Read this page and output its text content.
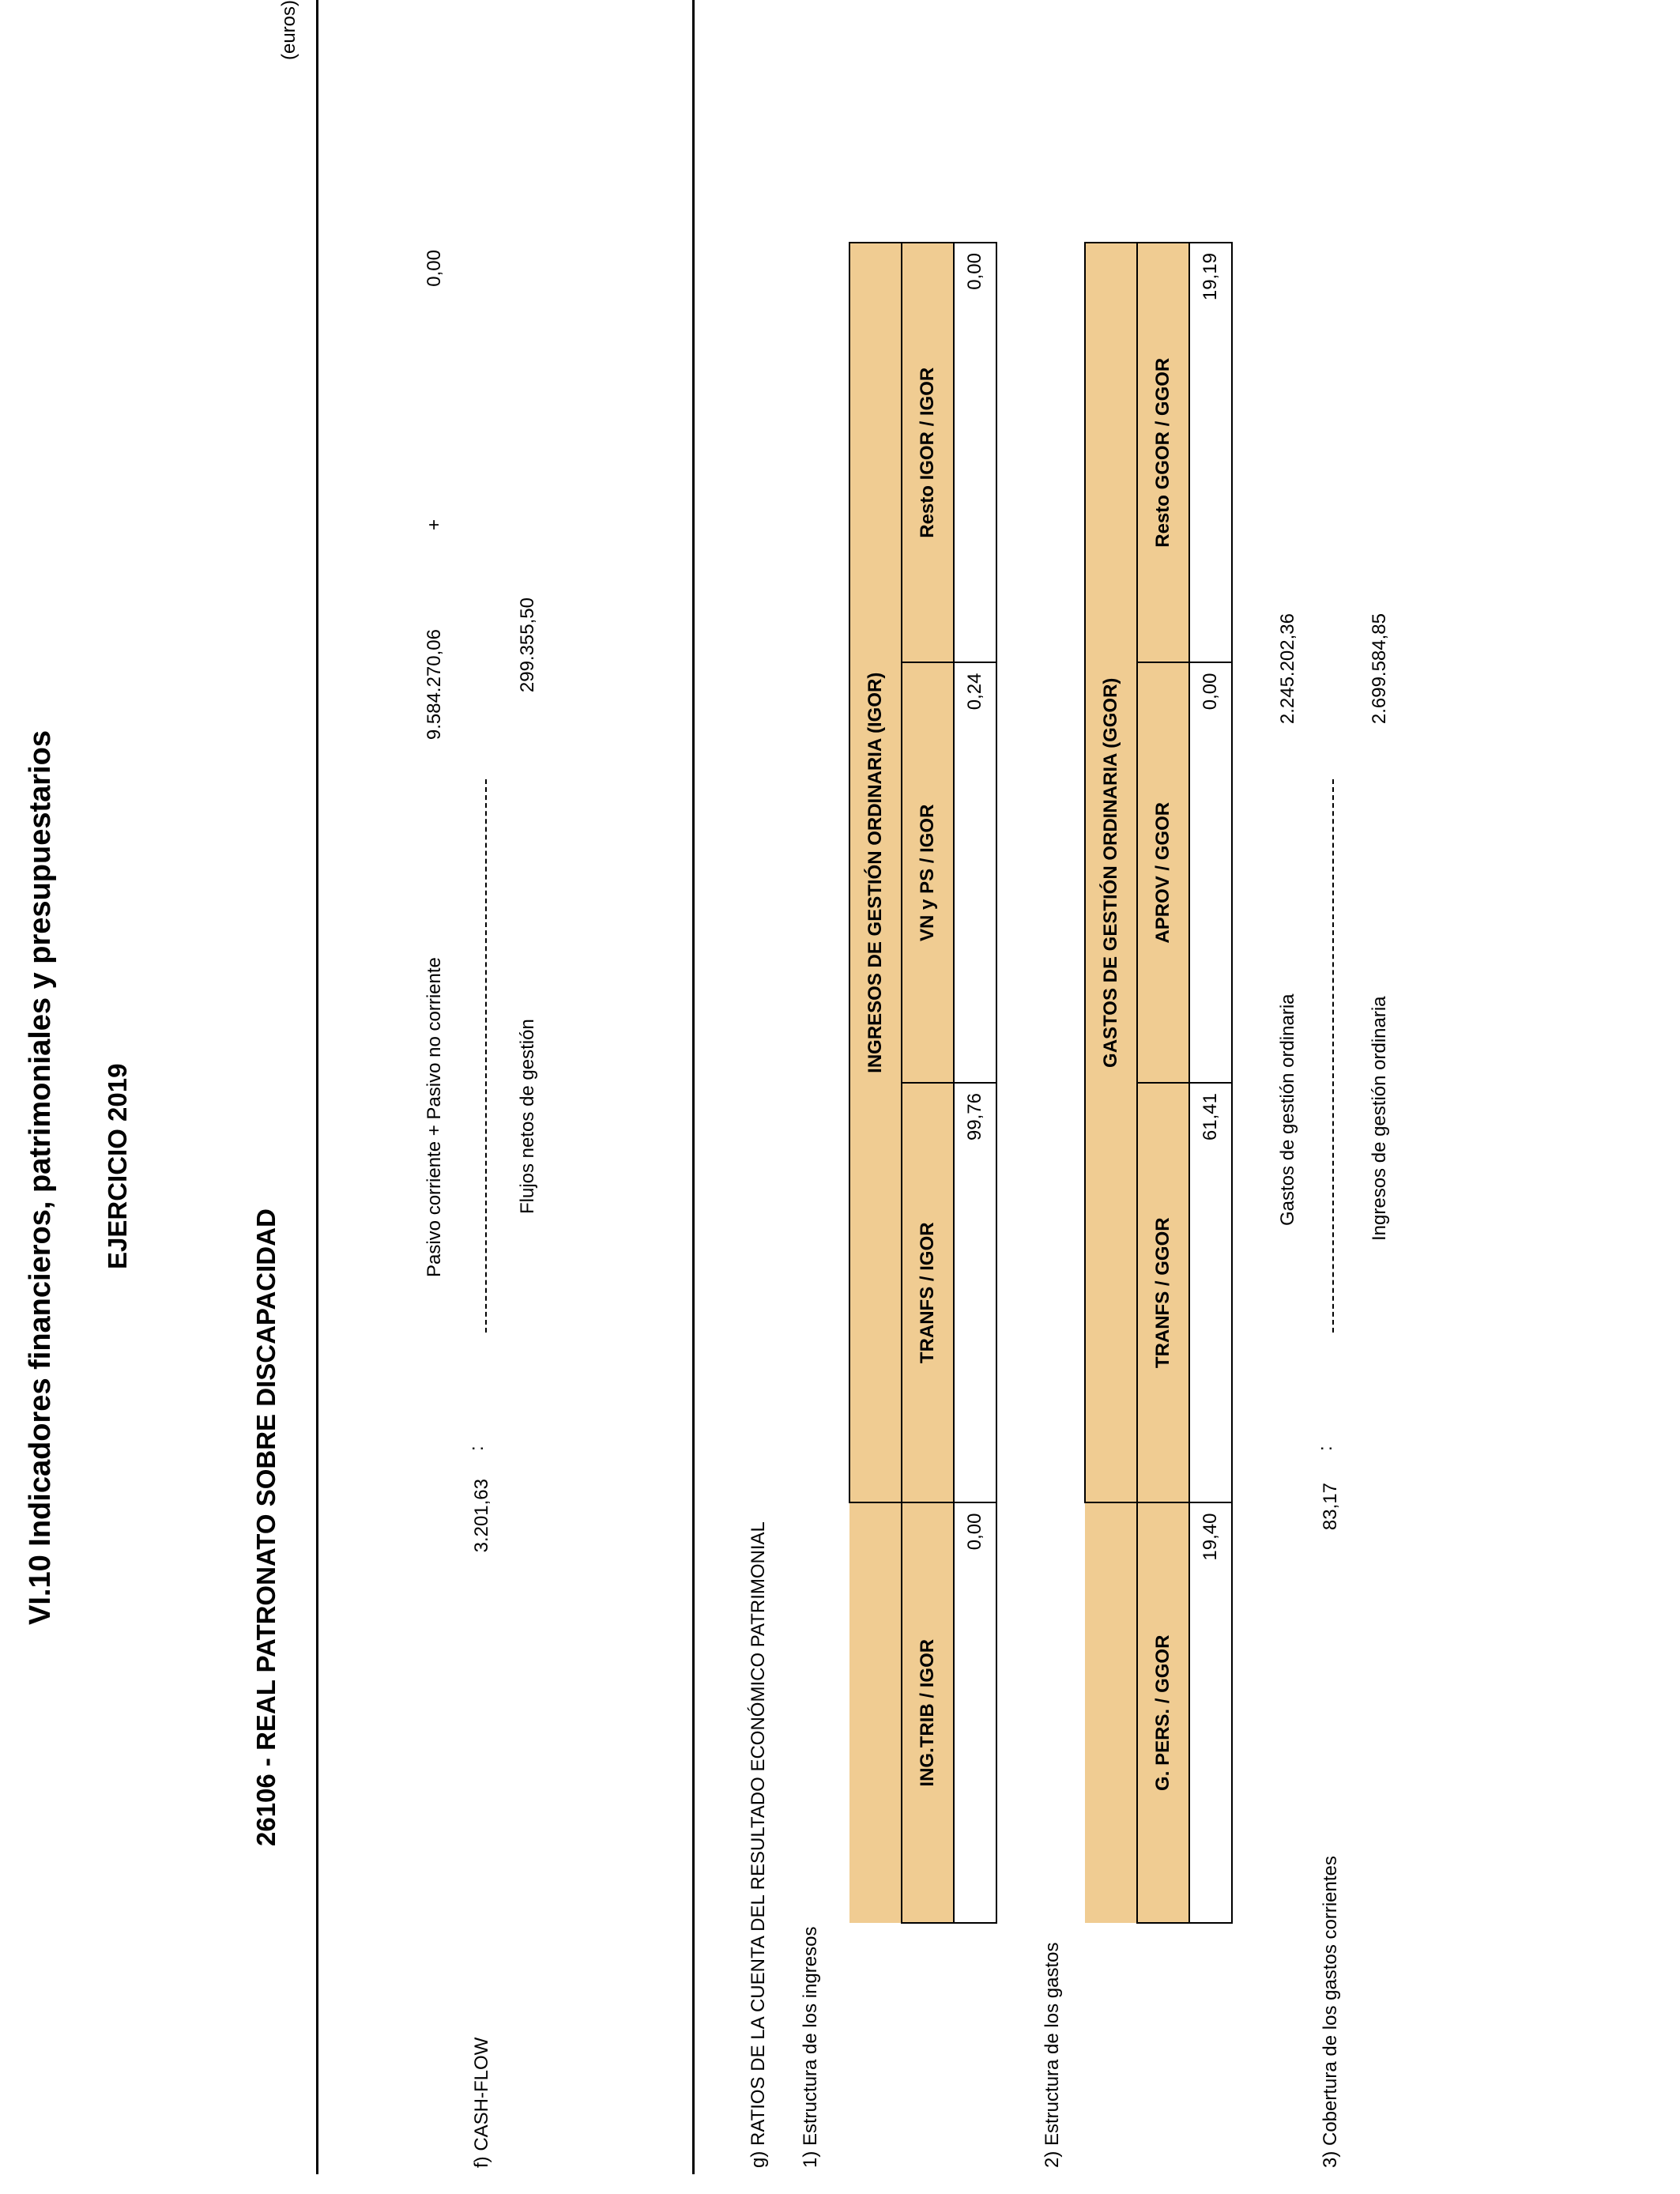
VI.10 Indicadores financieros, patrimoniales y presupuestarios EJERCICIO 2019
26106 - REAL PATRONATO SOBRE DISCAPACIDAD
(euros)
f) CASH-FLOW
3.201,63
:
Pasivo corriente + Pasivo no corriente
9.584.270,06
+
0,00
Flujos netos de gestión
299.355,50
g) RATIOS DE LA CUENTA DEL RESULTADO ECONÓMICO PATRIMONIAL 1) Estructura de los ingresos
	INGRESOS DE GESTIÓN ORDINARIA (IGOR)		
ING.TRIB / IGOR	TRANFS / IGOR	VN y PS / IGOR	Resto IGOR / IGOR
0,00	99,76	0,24	0,00
2) Estructura de los gastos
	GASTOS DE GESTIÓN ORDINARIA (GGOR)		
G. PERS. / GGOR	TRANFS / GGOR	APROV / GGOR	Resto GGOR / GGOR
19,40	61,41	0,00	19,19
3) Cobertura de los gastos corrientes
83,17
:
Gastos de gestión ordinaria
2.245.202,36
Ingresos de gestión ordinaria
2.699.584,85
